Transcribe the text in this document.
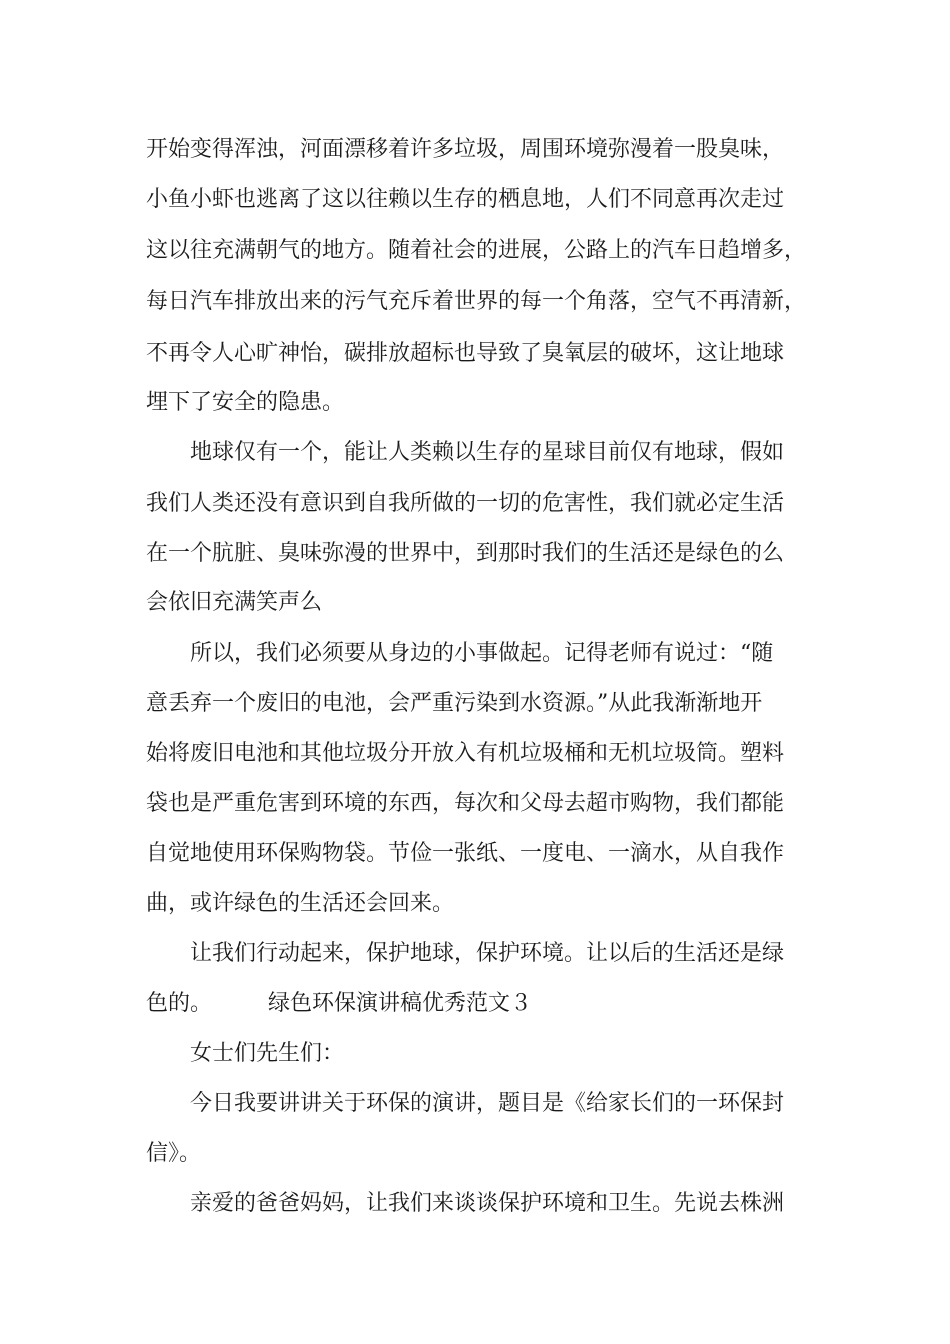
开始变得浑浊，河面漂移着许多垃圾，周围环境弥漫着一股臭味，

小鱼小虾也逃离了这以往赖以生存的栖息地，人们不同意再次走过

这以往充满朝气的地方。随着社会的进展，公路上的汽车日趋增多，

每日汽车排放出来的污气充斥着世界的每一个角落，空气不再清新，

不再令人心旷神怡，碳排放超标也导致了臭氧层的破坏，这让地球

埋下了安全的隐患。

地球仅有一个，能让人类赖以生存的星球目前仅有地球，假如

我们人类还没有意识到自我所做的一切的危害性，我们就必定生活

在一个肮脏、臭味弥漫的世界中，到那时我们的生活还是绿色的么

会依旧充满笑声么

所以，我们必须要从身边的小事做起。记得老师有说过：“随

意丢弃一个废旧的电池，会严重污染到水资源。”从此我渐渐地开

始将废旧电池和其他垃圾分开放入有机垃圾桶和无机垃圾筒。塑料

袋也是严重危害到环境的东西，每次和父母去超市购物，我们都能

自觉地使用环保购物袋。节俭一张纸、一度电、一滴水，从自我作

曲，或许绿色的生活还会回来。

让我们行动起来，保护地球，保护环境。让以后的生活还是绿

色的。	绿色环保演讲稿优秀范文３

女士们先生们：

今日我要讲讲关于环保的演讲，题目是《给家长们的一环保封

信》。

亲爱的爸爸妈妈，让我们来谈谈保护环境和卫生。先说去株洲
